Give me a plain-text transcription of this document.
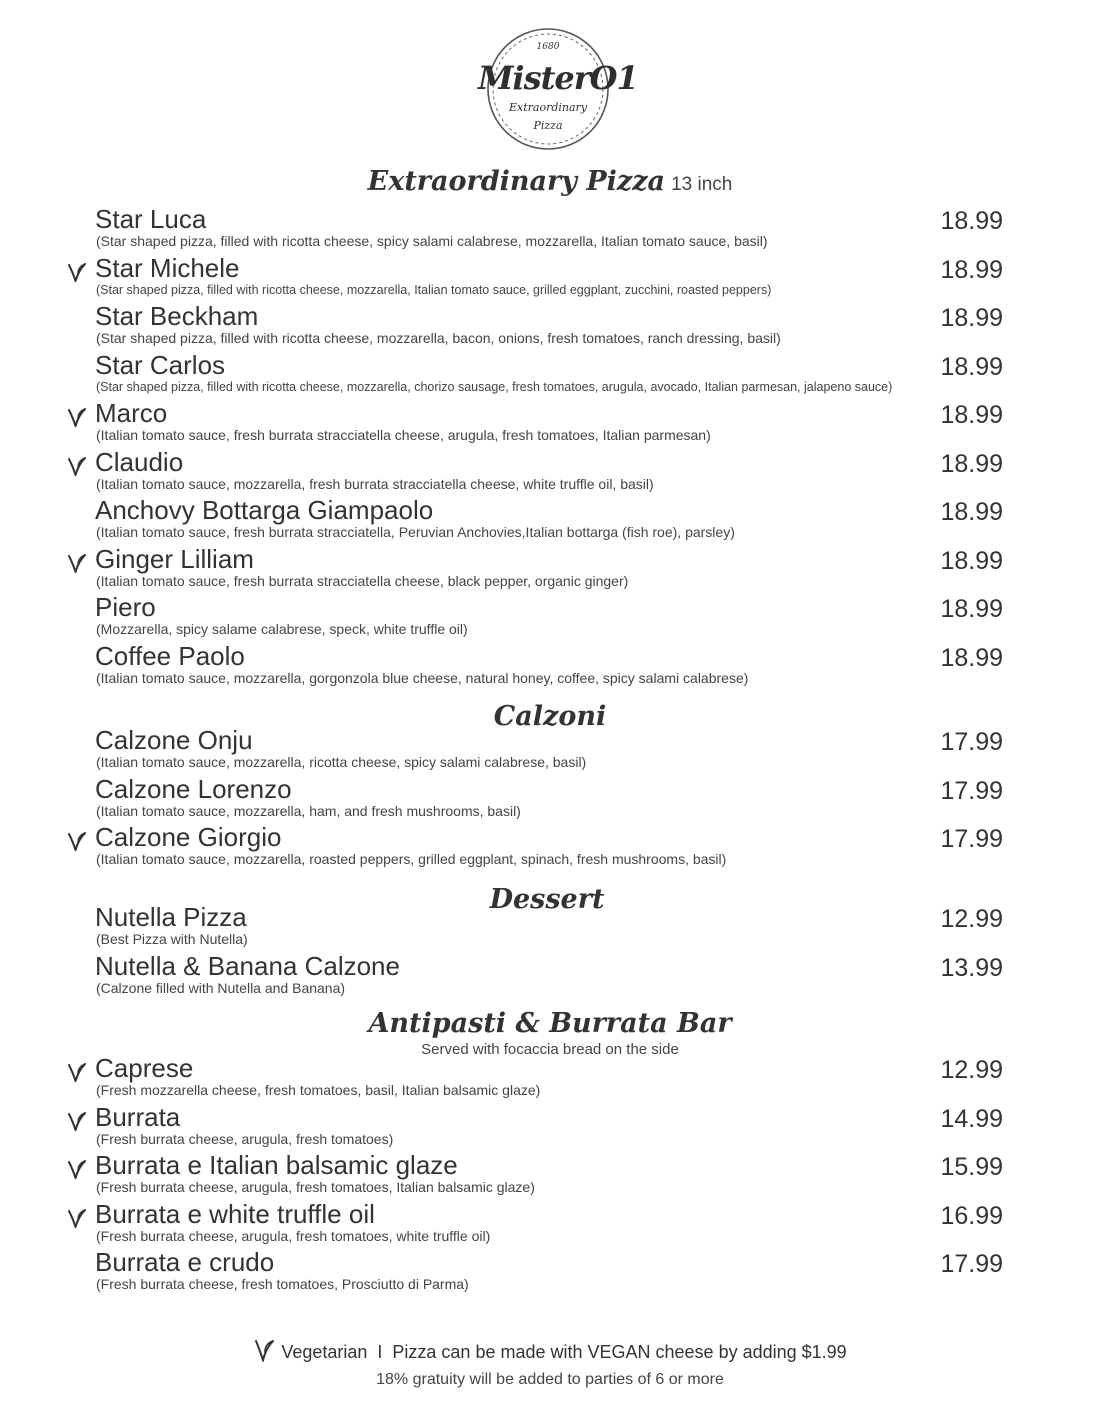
1680
MisterO1
Extraordinary
Pizza
Extraordinary Pizza 13 inch
Star Luca
(Star shaped pizza, filled with ricotta cheese, spicy salami calabrese, mozzarella, Italian tomato sauce, basil)
18.99
Star Michele
(Star shaped pizza, filled with ricotta cheese, mozzarella, Italian tomato sauce, grilled eggplant, zucchini, roasted peppers)
18.99
Star Beckham
(Star shaped pizza, filled with ricotta cheese, mozzarella, bacon, onions, fresh tomatoes, ranch dressing, basil)
18.99
Star Carlos
(Star shaped pizza, filled with ricotta cheese, mozzarella, chorizo sausage, fresh tomatoes, arugula, avocado, Italian parmesan, jalapeno sauce)
18.99
Marco
(Italian tomato sauce, fresh burrata stracciatella cheese, arugula, fresh tomatoes, Italian parmesan)
18.99
Claudio
(Italian tomato sauce, mozzarella, fresh burrata stracciatella cheese, white truffle oil, basil)
18.99
Anchovy Bottarga Giampaolo
(Italian tomato sauce, fresh burrata stracciatella, Peruvian Anchovies,Italian bottarga (fish roe), parsley)
18.99
Ginger Lilliam
(Italian tomato sauce, fresh burrata stracciatella cheese, black pepper, organic ginger)
18.99
Piero
(Mozzarella, spicy salame calabrese, speck, white truffle oil)
18.99
Coffee Paolo
(Italian tomato sauce, mozzarella, gorgonzola blue cheese, natural honey, coffee, spicy salami calabrese)
18.99
Calzoni
Calzone Onju
(Italian tomato sauce, mozzarella, ricotta cheese, spicy salami calabrese, basil)
17.99
Calzone Lorenzo
(Italian tomato sauce, mozzarella, ham, and fresh mushrooms, basil)
17.99
Calzone Giorgio
(Italian tomato sauce, mozzarella, roasted peppers, grilled eggplant, spinach, fresh mushrooms, basil)
17.99
Dessert
Nutella Pizza
(Best Pizza with Nutella)
12.99
Nutella & Banana Calzone
(Calzone filled with Nutella and Banana)
13.99
Antipasti & Burrata Bar
Served with focaccia bread on the side
Caprese
(Fresh mozzarella cheese, fresh tomatoes, basil, Italian balsamic glaze)
12.99
Burrata
(Fresh burrata cheese, arugula, fresh tomatoes)
14.99
Burrata e Italian balsamic glaze
(Fresh burrata cheese, arugula, fresh tomatoes, Italian balsamic glaze)
15.99
Burrata e white truffle oil
(Fresh burrata cheese, arugula, fresh tomatoes, white truffle oil)
16.99
Burrata e crudo
(Fresh burrata cheese, fresh tomatoes, Prosciutto di Parma)
17.99
Vegetarian I Pizza can be made with VEGAN cheese by adding $1.99
18% gratuity will be added to parties of 6 or more
